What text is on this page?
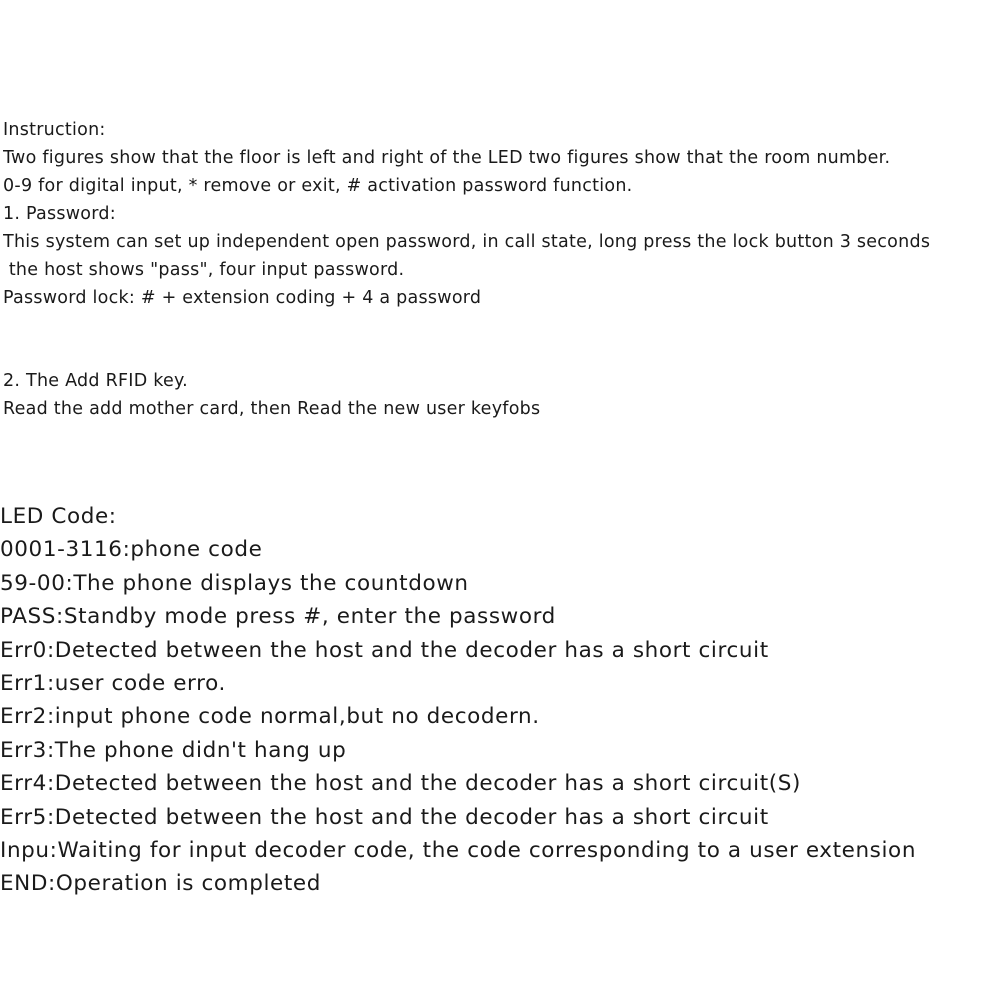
Instruction:
Two figures show that the floor is left and right of the LED two figures show that the room number.
0-9 for digital input, * remove or exit, # activation password function.
1. Password:
This system can set up independent open password, in call state, long press the lock button 3 seconds
the host shows "pass", four input password.
Password lock: # + extension coding + 4 a password
2. The Add RFID key.
Read the add mother card, then Read the new user keyfobs
LED Code:
0001-3116:phone code
59-00:The phone displays the countdown
PASS:Standby mode press #, enter the password
Err0:Detected between the host and the decoder has a short circuit
Err1:user code erro.
Err2:input phone code normal,but no decodern.
Err3:The phone didn't hang up
Err4:Detected between the host and the decoder has a short circuit(S)
Err5:Detected between the host and the decoder has a short circuit
Inpu:Waiting for input decoder code, the code corresponding to a user extension
END:Operation is completed
